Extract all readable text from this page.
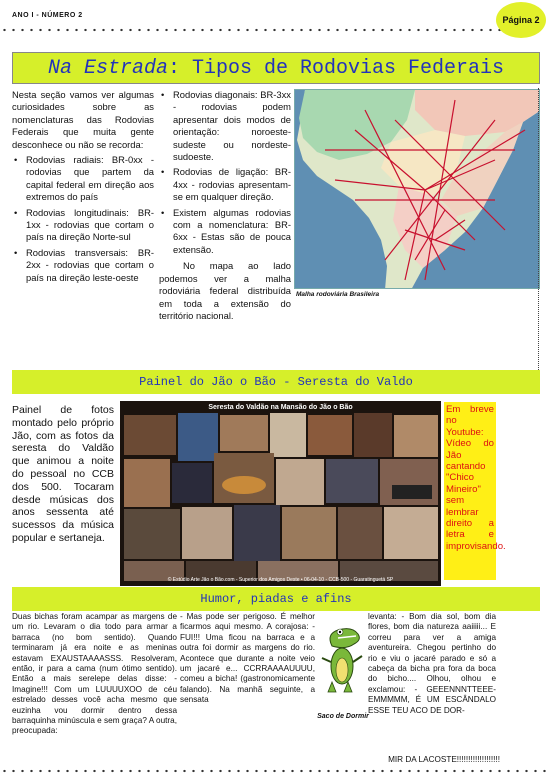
ANO I - NÚMERO 2	Página 2
Na Estrada : Tipos de Rodovias Federais

Nesta seção vamos ver algumas curiosidades sobre as nomenclaturas das Rodovias Federais que muita gente desconhece ou não se recorda:

• Rodovias radiais: BR-0xx - rodovias que partem da capital federal em direção aos extremos do país
• Rodovias longitudinais: BR-1xx - rodovias que cortam o país na direção Norte-sul
• Rodovias transversais: BR-2xx - rodovias que cortam o país na direção leste-oeste
• Rodovias diagonais: BR-3xx - rodovias podem apresentar dois modos de orientação: noroeste-sudeste ou nordeste-sudoeste.
• Rodovias de ligação: BR-4xx - rodovias apresentam-se em qualquer direção.
• Existem algumas rodovias com a nomenclatura: BR-6xx - Estas são de pouca extensão.

No mapa ao lado podemos ver a malha rodoviária federal distribuída em toda a extensão do território nacional.

Malha rodoviária Brasileira
Painel do Jão o Bão - Seresta do Valdo
Painel de fotos montado pelo próprio Jão, com as fotos da seresta do Valdão que animou a noite do pessoal no CCB dos 500. Tocaram desde músicas dos anos sessenta até sucessos da música popular e sertaneja.
Seresta do Valdão na Mansão do Jão o Bão
© Estúdio Arte Jão o Bão.com - Superior dos Amigos Deste • 06-04-10 - CCB-500 - Guaratinguetá SP
Em breve no Youtube: Vídeo do Jão cantando "Chico Mineiro" sem lembrar direito a letra e improvisando.
Humor, piadas e afins
Duas bichas foram acampar as margens de um rio. Levaram o dia todo para armar a barraca (no bom sentido). Quando terminaram já era noite e as meninas estavam EXAUSTAAAASSS. Resolveram, então, ir para a cama (num ótimo sentido). Então a mais serelepe delas disse: - Imagine!!! Com um LUUUUXOO de céu estrelado desses você acha mesmo que euzinha vou dormir dentro dessa barraquinha minúscula e sem graça? A outra, preocupada:
- Mas pode ser perigoso. É melhor ficarmos aqui mesmo. A corajosa: - FUI!!! Uma ficou na barraca e a outra foi dormir as margens do rio. Acontece que durante a noite veio um jacaré e... CCRRAAAAUUUU, comeu a bicha! (gastronomicamente falando). Na manhã seguinte, a sensata
Saco de Dormir
levanta: - Bom dia sol, bom dia flores, bom dia natureza aaiiiii... E correu para ver a amiga aventureira. Chegou pertinho do rio e viu o jacaré parado e só a cabeça da bicha pra fora da boca do bicho.... Olhou, olhou e exclamou: - GEEENNNTTEEE-EMMMMM, É UM ESCÂNDALO ESSE TEU ACO DE DOR-
MIR DA LACOSTE!!!!!!!!!!!!!!!!!!!
